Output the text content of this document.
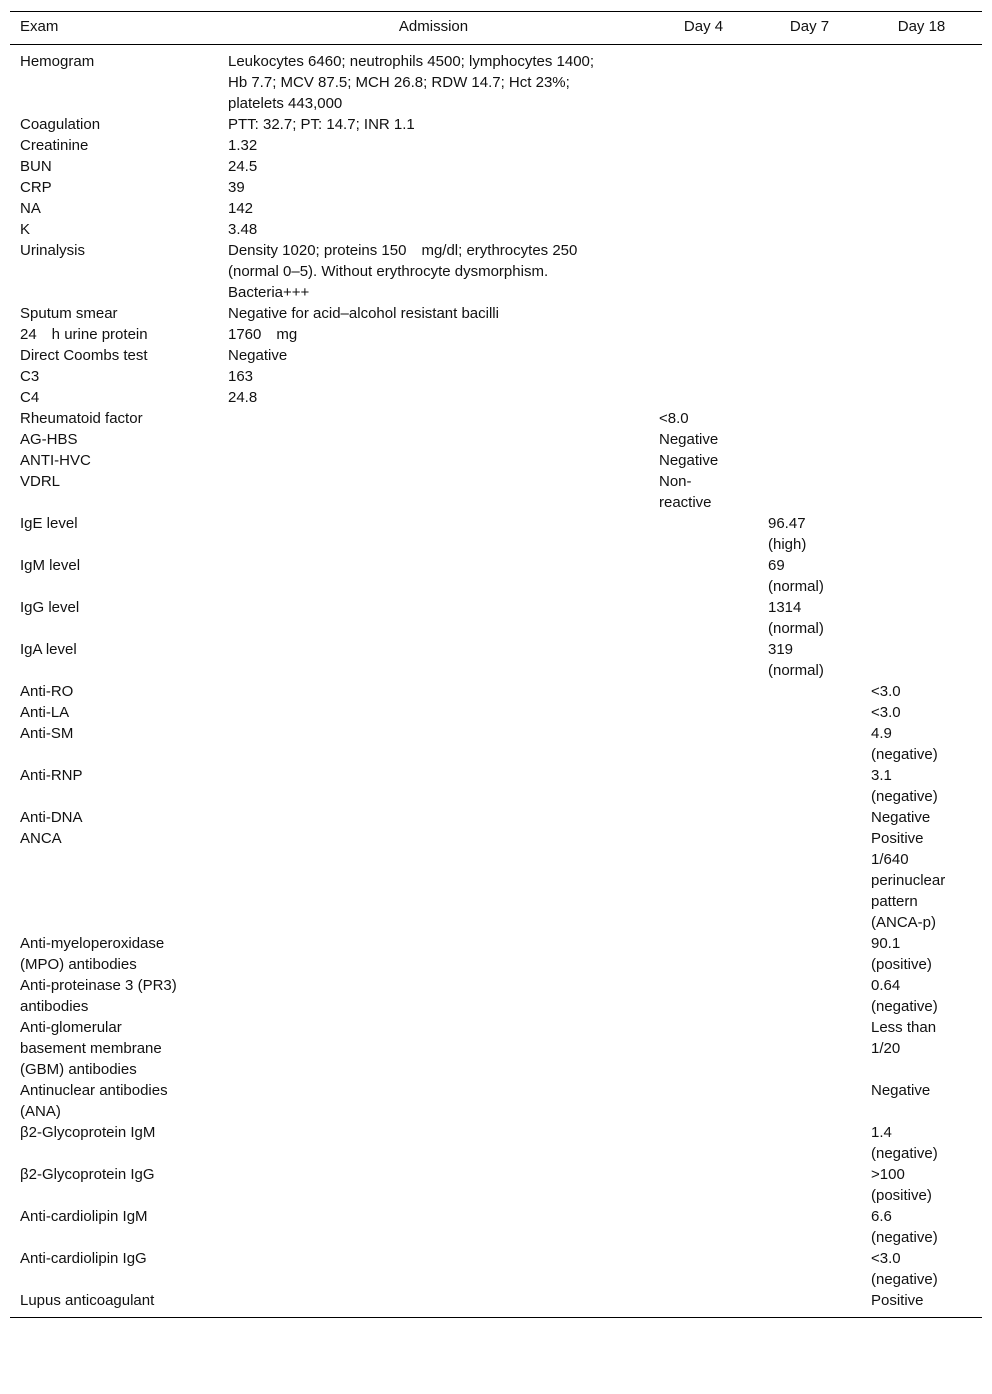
Exam	Admission	Day 4	Day 7	Day 18
Hemogram	Leukocytes 6460; neutrophils 4500; lymphocytes 1400;
Hb 7.7; MCV 87.5; MCH 26.8; RDW 14.7; Hct 23%;
platelets 443,000			
Coagulation	PTT: 32.7; PT: 14.7; INR 1.1			
Creatinine	1.32			
BUN	24.5			
CRP	39			
NA	142			
K	3.48			
Urinalysis	Density 1020; proteins 150 mg/dl; erythrocytes 250
(normal 0–5). Without erythrocyte dysmorphism.
Bacteria+++			
Sputum smear	Negative for acid–alcohol resistant bacilli			
24 h urine protein	1760 mg			
Direct Coombs test	Negative			
C3	163			
C4	24.8			
Rheumatoid factor		<8.0		
AG-HBS		Negative		
ANTI-HVC		Negative		
VDRL		Non-
reactive		
IgE level			96.47
(high)	
IgM level			69
(normal)	
IgG level			1314
(normal)	
IgA level			319
(normal)	
Anti-RO				<3.0
Anti-LA				<3.0
Anti-SM				4.9
(negative)
Anti-RNP				3.1
(negative)
Anti-DNA				Negative
ANCA				Positive
1/640
perinuclear
pattern
(ANCA-p)
Anti-myeloperoxidase
(MPO) antibodies				90.1
(positive)
Anti-proteinase 3 (PR3)
antibodies				0.64
(negative)
Anti-glomerular
basement membrane
(GBM) antibodies				Less than
1/20
Antinuclear antibodies
(ANA)				Negative
β2-Glycoprotein IgM				1.4
(negative)
β2-Glycoprotein IgG				>100
(positive)
Anti-cardiolipin IgM				6.6
(negative)
Anti-cardiolipin IgG				<3.0
(negative)
Lupus anticoagulant				Positive
